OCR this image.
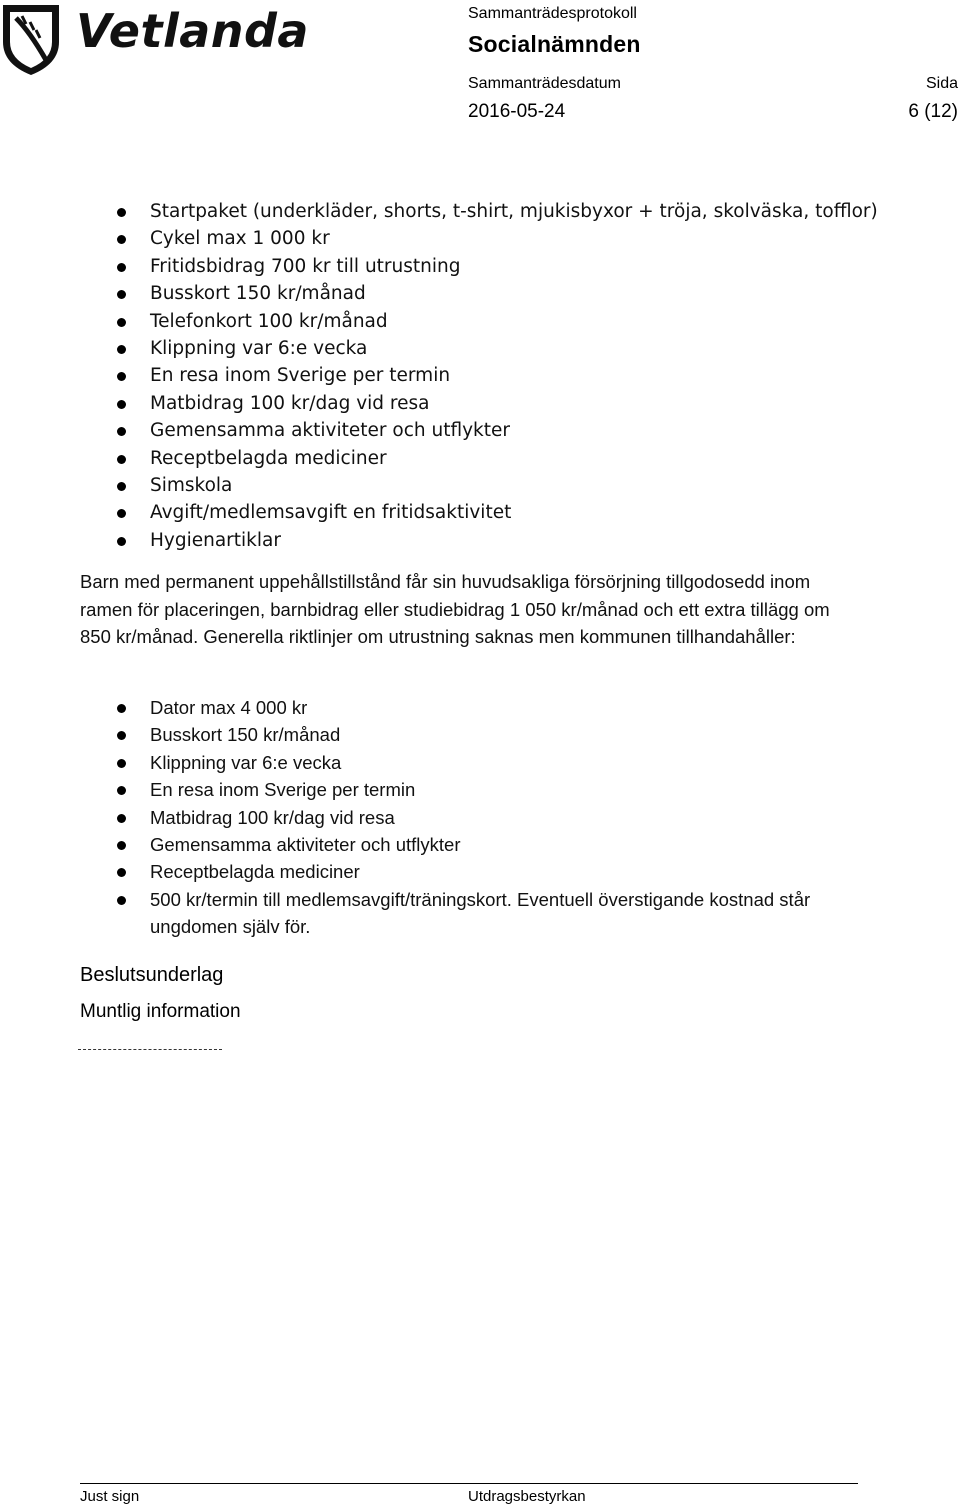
Vetlanda	Sammanträdesprotokoll
Socialnämnden
Sammanträdesdatum	Sida
2016-05-24	6 (12)
Startpaket (underkläder, shorts, t-shirt, mjukisbyxor + tröja, skolväska, tofflor)
Cykel max 1 000 kr
Fritidsbidrag 700 kr till utrustning
Busskort 150 kr/månad
Telefonkort 100 kr/månad
Klippning var 6:e vecka
En resa inom Sverige per termin
Matbidrag 100 kr/dag vid resa
Gemensamma aktiviteter och utflykter
Receptbelagda mediciner
Simskola
Avgift/medlemsavgift en fritidsaktivitet
Hygienartiklar
Barn med permanent uppehållstillstånd får sin huvudsakliga försörjning tillgodosedd inom ramen för placeringen, barnbidrag eller studiebidrag 1 050 kr/månad och ett extra tillägg om 850 kr/månad. Generella riktlinjer om utrustning saknas men kommunen tillhandahåller:
Dator max 4 000 kr
Busskort 150 kr/månad
Klippning var 6:e vecka
En resa inom Sverige per termin
Matbidrag 100 kr/dag vid resa
Gemensamma aktiviteter och utflykter
Receptbelagda mediciner
500 kr/termin till medlemsavgift/träningskort. Eventuell överstigande kostnad står ungdomen själv för.
Beslutsunderlag
Muntlig information
Just sign	Utdragsbestyrkan
